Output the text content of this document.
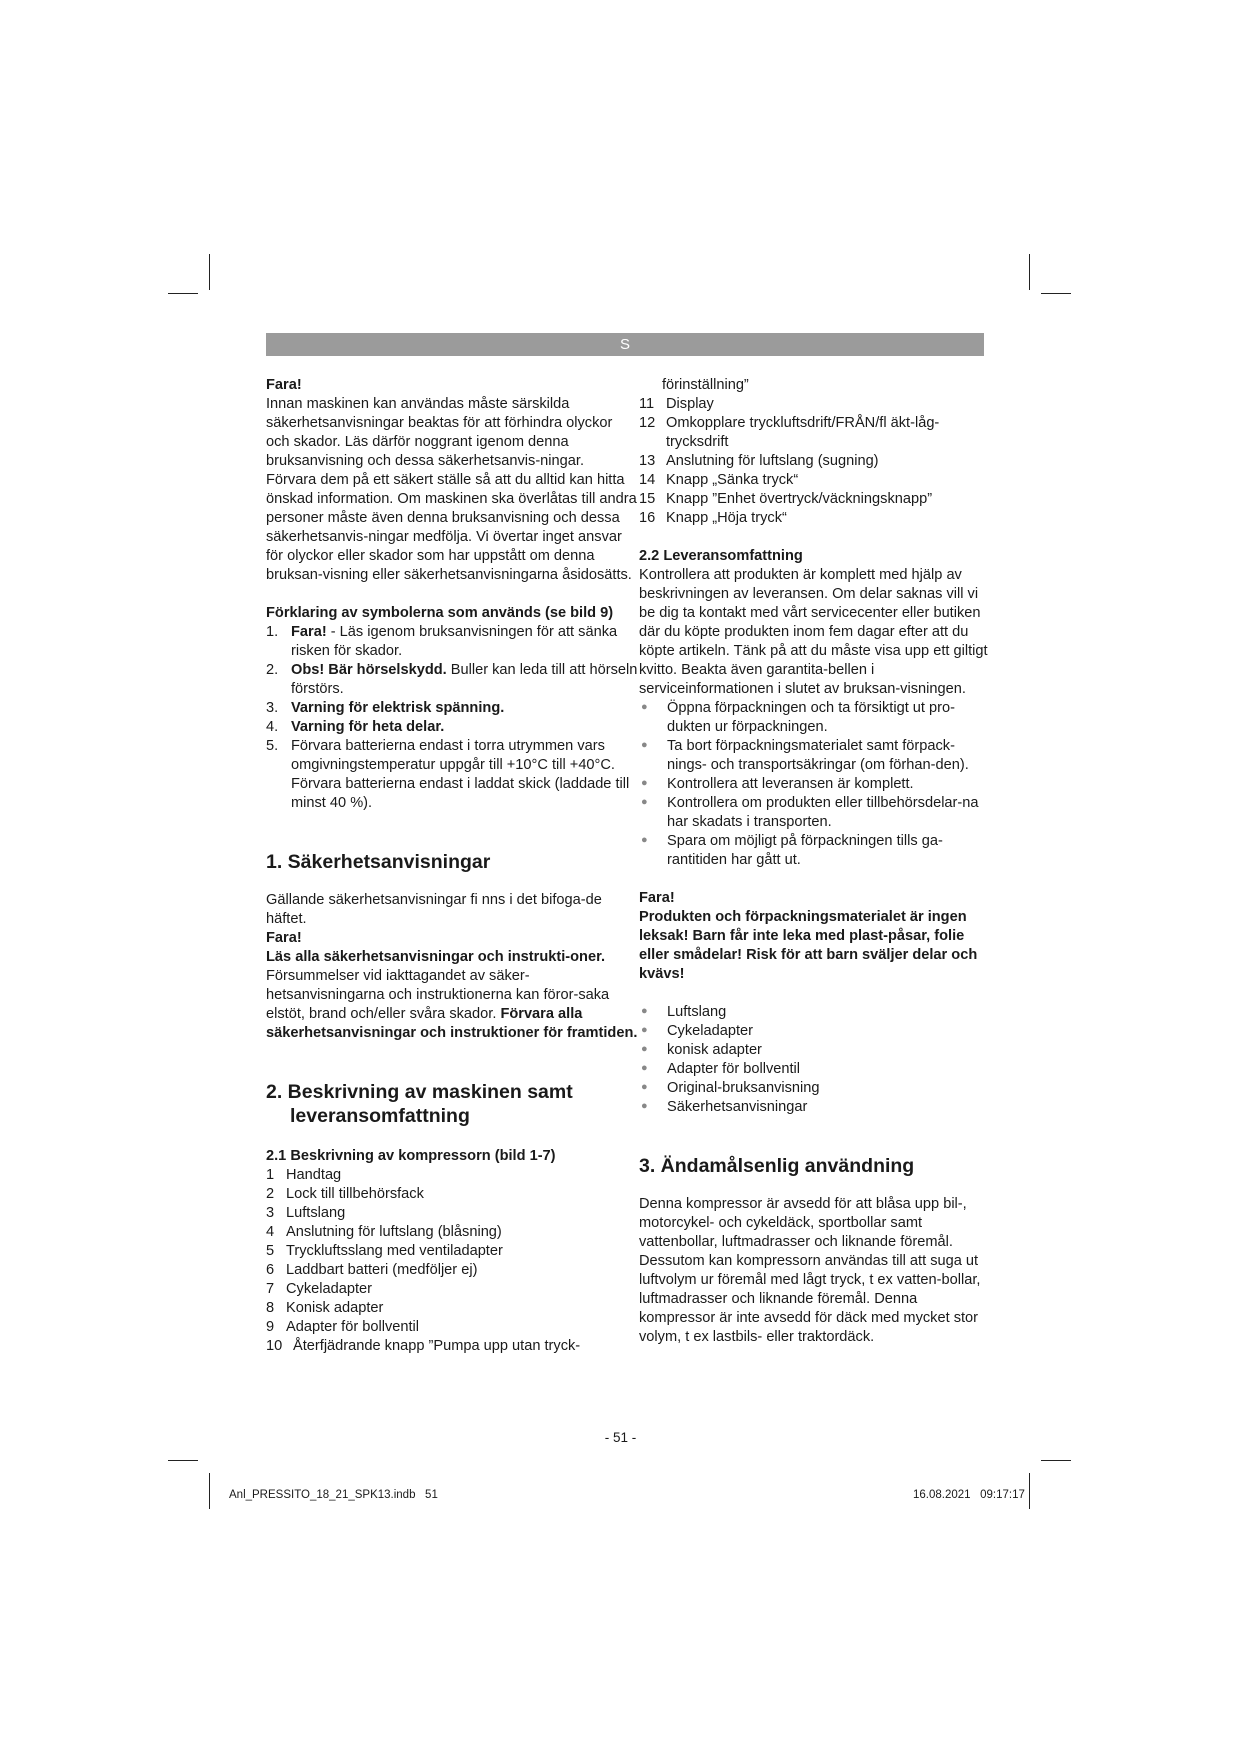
S

Fara!

Innan maskinen kan användas måste särskilda säkerhetsanvisningar beaktas för att förhindra olyckor och skador. Läs därför noggrant igenom denna bruksanvisning och dessa säkerhetsanvis-ningar. Förvara dem på ett säkert ställe så att du alltid kan hitta önskad information. Om maskinen ska överlåtas till andra personer måste även denna bruksanvisning och dessa säkerhetsanvis-ningar medfölja. Vi övertar inget ansvar för olyckor eller skador som har uppstått om denna bruksan-visning eller säkerhetsanvisningarna åsidosätts.

Förklaring av symbolerna som används (se bild 9)

1. Fara! - Läs igenom bruksanvisningen för att sänka risken för skador.
2. Obs! Bär hörselskydd. Buller kan leda till att hörseln förstörs.
3. Varning för elektrisk spänning.
4. Varning för heta delar.
5. Förvara batterierna endast i torra utrymmen vars omgivningstemperatur uppgår till +10°C till +40°C. Förvara batterierna endast i laddat skick (laddade till minst 40 %).

1. Säkerhetsanvisningar

Gällande säkerhetsanvisningar fi nns i det bifoga-de häftet.

Fara!

Läs alla säkerhetsanvisningar och instrukti-oner. Försummelser vid iakttagandet av säker-hetsanvisningarna och instruktionerna kan föror-saka elstöt, brand och/eller svåra skador. Förvara alla säkerhetsanvisningar och instruktioner för framtiden.

2. Beskrivning av maskinen samt
leveransomfattning

2.1 Beskrivning av kompressorn (bild 1-7)

1 Handtag
2 Lock till tillbehörsfack
3 Luftslang
4 Anslutning för luftslang (blåsning)
5 Tryckluftsslang med ventiladapter
6 Laddbart batteri (medföljer ej)
7 Cykeladapter
8 Konisk adapter
9 Adapter för bollventil
10 Återfjädrande knapp ”Pumpa upp utan tryck-

förinställning”

11 Display
12 Omkopplare tryckluftsdrift/FRÅN/fl äkt-låg-trycksdrift
13 Anslutning för luftslang (sugning)
14 Knapp „Sänka tryck“
15 Knapp ”Enhet övertryck/väckningsknapp”
16 Knapp „Höja tryck“

2.2 Leveransomfattning

Kontrollera att produkten är komplett med hjälp av beskrivningen av leveransen. Om delar saknas vill vi be dig ta kontakt med vårt servicecenter eller butiken där du köpte produkten inom fem dagar efter att du köpte artikeln. Tänk på att du måste visa upp ett giltigt kvitto. Beakta även garantita-bellen i serviceinformationen i slutet av bruksan-visningen.

●	Öppna förpackningen och ta försiktigt ut pro-dukten ur förpackningen.
●	Ta bort förpackningsmaterialet samt förpack-nings- och transportsäkringar (om förhan-den).
●	Kontrollera att leveransen är komplett.
●	Kontrollera om produkten eller tillbehörsdelar-na har skadats i transporten.
●	Spara om möjligt på förpackningen tills ga-rantitiden har gått ut.

Fara!

Produkten och förpackningsmaterialet är ingen leksak! Barn får inte leka med plast-påsar, folie eller smådelar! Risk för att barn sväljer delar och kvävs!

●	Luftslang
●	Cykeladapter
●	konisk adapter
●	Adapter för bollventil
●	Original-bruksanvisning
●	Säkerhetsanvisningar

3. Ändamålsenlig användning

Denna kompressor är avsedd för att blåsa upp bil-, motorcykel- och cykeldäck, sportbollar samt vattenbollar, luftmadrasser och liknande föremål. Dessutom kan kompressorn användas till att suga ut luftvolym ur föremål med lågt tryck, t ex vatten-bollar, luftmadrasser och liknande föremål. Denna kompressor är inte avsedd för däck med mycket stor volym, t ex lastbils- eller traktordäck.

- 51 -
Anl_PRESSITO_18_21_SPK13.indb   51	16.08.2021   09:17:17
